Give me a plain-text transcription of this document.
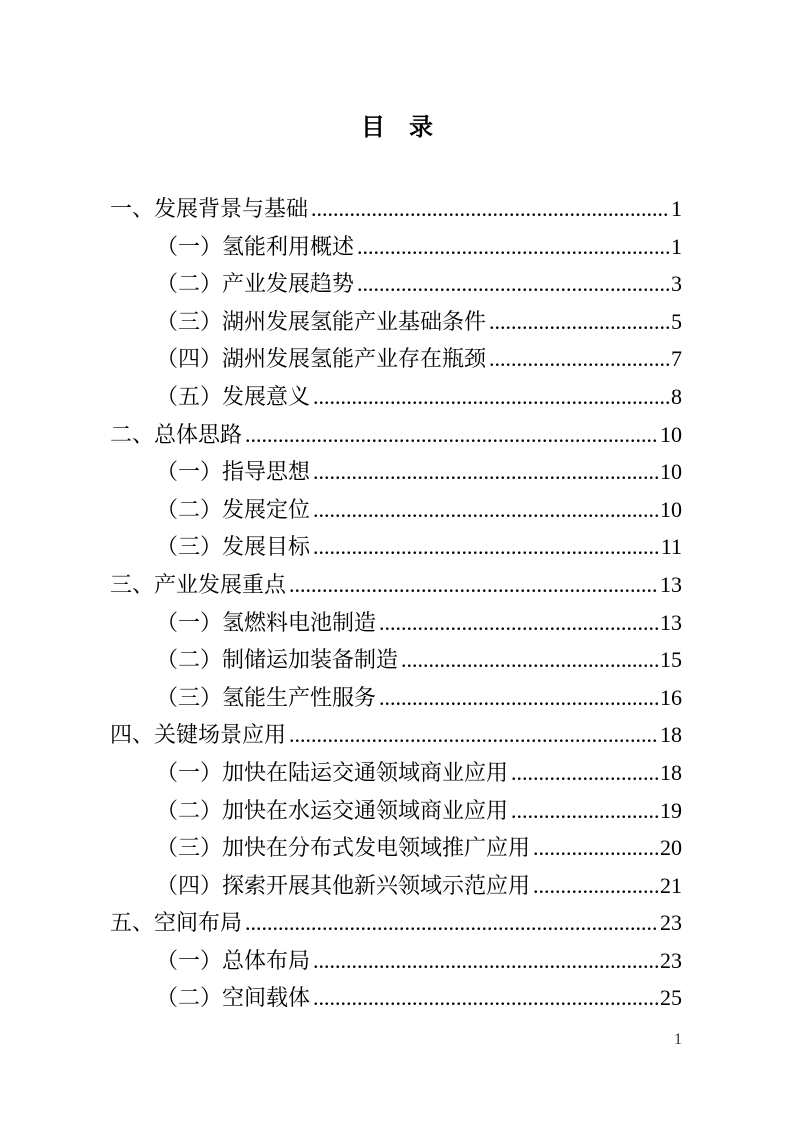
目　录
一、发展背景与基础 .....	1
（一）氢能利用概述 .....	1
（二）产业发展趋势 .....	3
（三）湖州发展氢能产业基础条件 .....	5
（四）湖州发展氢能产业存在瓶颈 .....	7
（五）发展意义 .....	8
二、总体思路 .....	10
（一）指导思想 .....	10
（二）发展定位 .....	10
（三）发展目标 .....	11
三、产业发展重点 .....	13
（一）氢燃料电池制造 .....	13
（二）制储运加装备制造 .....	15
（三）氢能生产性服务 .....	16
四、关键场景应用 .....	18
（一）加快在陆运交通领域商业应用 .....	18
（二）加快在水运交通领域商业应用 .....	19
（三）加快在分布式发电领域推广应用 .....	20
（四）探索开展其他新兴领域示范应用 .....	21
五、空间布局 .....	23
（一）总体布局 .....	23
（二）空间载体 .....	25
1
